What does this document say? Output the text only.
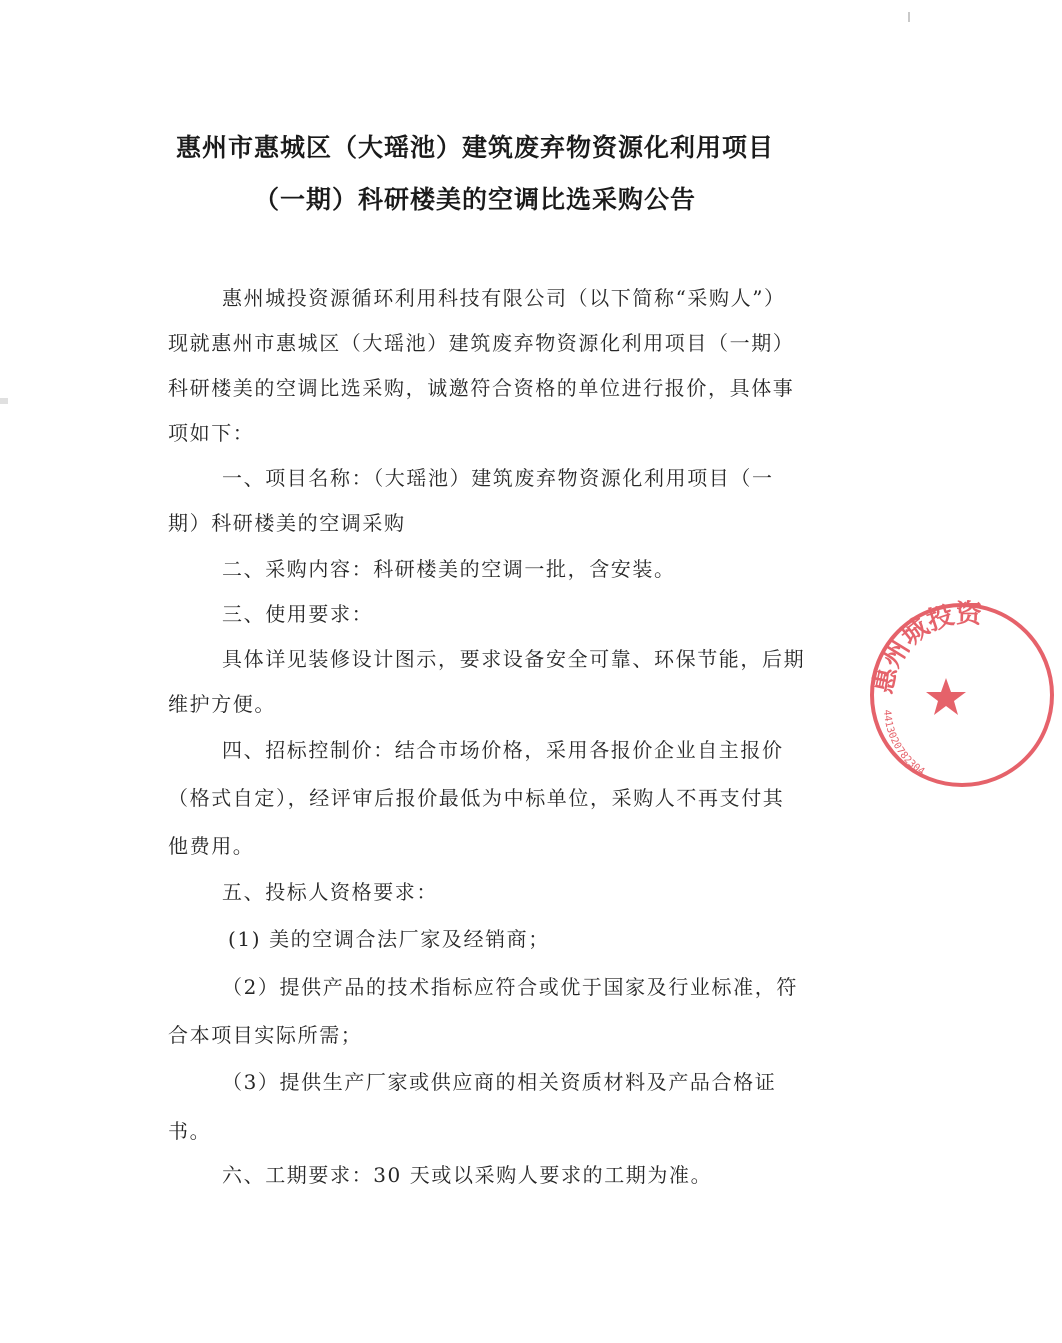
惠州市惠城区（大瑶池）建筑废弃物资源化利用项目
（一期）科研楼美的空调比选采购公告
惠州城投资源循环利用科技有限公司（以下简称“采购人”）
现就惠州市惠城区（大瑶池）建筑废弃物资源化利用项目（一期）
科研楼美的空调比选采购，诚邀符合资格的单位进行报价，具体事
项如下：
一、项目名称：（大瑶池）建筑废弃物资源化利用项目（一
期）科研楼美的空调采购
二、采购内容：科研楼美的空调一批，含安装。
三、使用要求：
具体详见装修设计图示，要求设备安全可靠、环保节能，后期
维护方便。
四、招标控制价：结合市场价格，采用各报价企业自主报价
（格式自定），经评审后报价最低为中标单位，采购人不再支付其
他费用。
五、投标人资格要求：
(1) 美的空调合法厂家及经销商；
（2）提供产品的技术指标应符合或优于国家及行业标准，符
合本项目实际所需；
（3）提供生产厂家或供应商的相关资质材料及产品合格证
书。
六、工期要求：30 天或以采购人要求的工期为准。
惠州城投资
4413020782304
